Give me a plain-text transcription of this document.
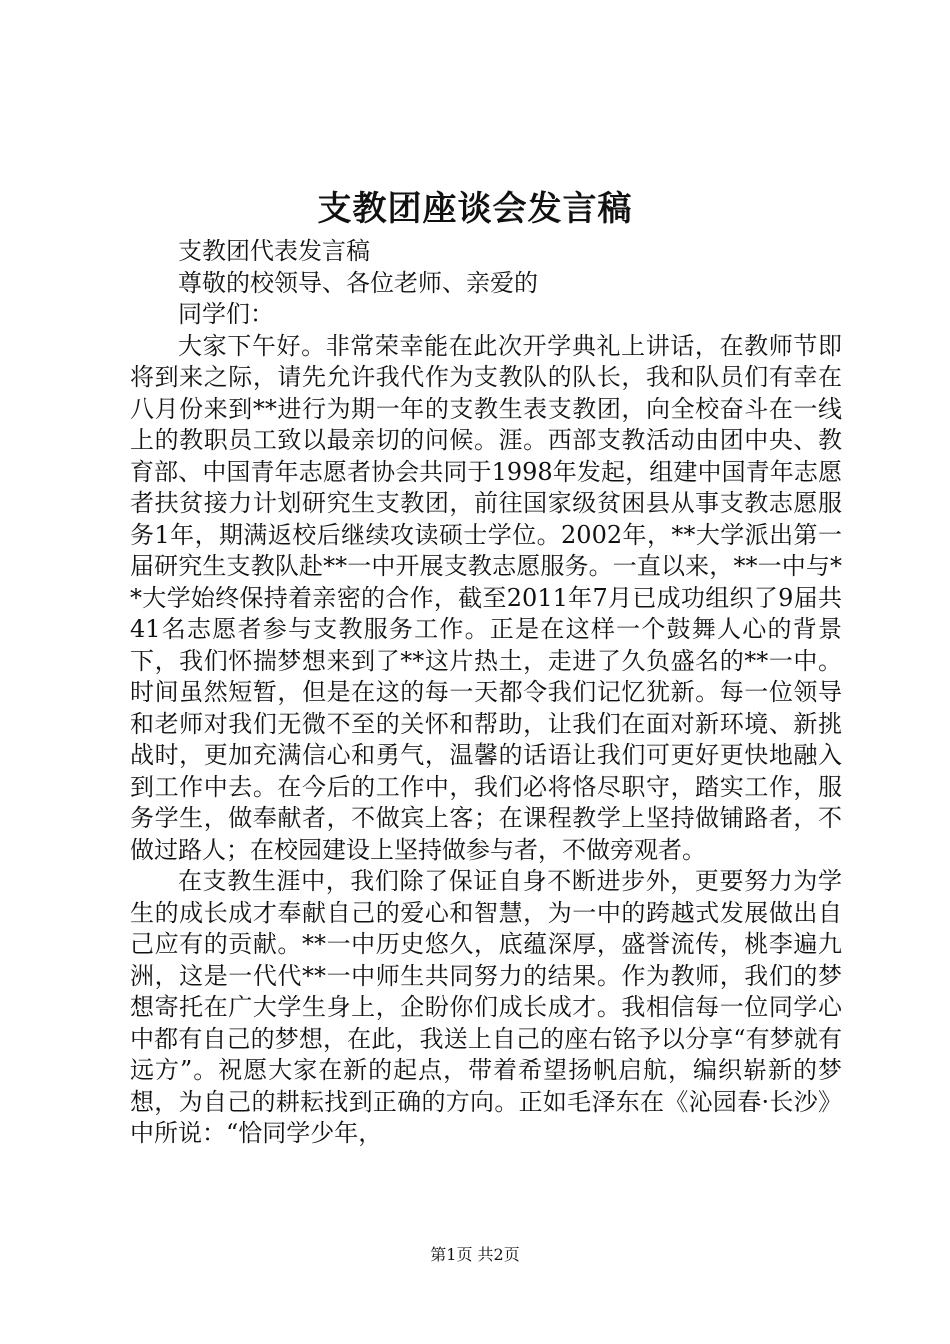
支教团座谈会发言稿

支教团代表发言稿

尊敬的校领导、各位老师、亲爱的

同学们：

大家下午好。非常荣幸能在此次开学典礼上讲话，在教师节即将到来之际，请先允许我代作为支教队的队长，我和队员们有幸在八月份来到**进行为期一年的支教生表支教团，向全校奋斗在一线上的教职员工致以最亲切的问候。涯。西部支教活动由团中央、教育部、中国青年志愿者协会共同于1998年发起，组建中国青年志愿者扶贫接力计划研究生支教团，前往国家级贫困县从事支教志愿服务1年，期满返校后继续攻读硕士学位。2002年，**大学派出第一届研究生支教队赴**一中开展支教志愿服务。一直以来，**一中与**大学始终保持着亲密的合作，截至2011年7月已成功组织了9届共41名志愿者参与支教服务工作。正是在这样一个鼓舞人心的背景下，我们怀揣梦想来到了**这片热土，走进了久负盛名的**一中。时间虽然短暂，但是在这的每一天都令我们记忆犹新。每一位领导和老师对我们无微不至的关怀和帮助，让我们在面对新环境、新挑战时，更加充满信心和勇气，温馨的话语让我们可更好更快地融入到工作中去。在今后的工作中，我们必将恪尽职守，踏实工作，服务学生，做奉献者，不做宾上客；在课程教学上坚持做铺路者，不做过路人；在校园建设上坚持做参与者，不做旁观者。

在支教生涯中，我们除了保证自身不断进步外，更要努力为学生的成长成才奉献自己的爱心和智慧，为一中的跨越式发展做出自己应有的贡献。**一中历史悠久，底蕴深厚，盛誉流传，桃李遍九洲，这是一代代**一中师生共同努力的结果。作为教师，我们的梦想寄托在广大学生身上，企盼你们成长成才。我相信每一位同学心中都有自己的梦想，在此，我送上自己的座右铭予以分享“有梦就有远方”。祝愿大家在新的起点，带着希望扬帆启航，编织崭新的梦想，为自己的耕耘找到正确的方向。正如毛泽东在《沁园春·长沙》中所说：“恰同学少年，

第1页 共2页
